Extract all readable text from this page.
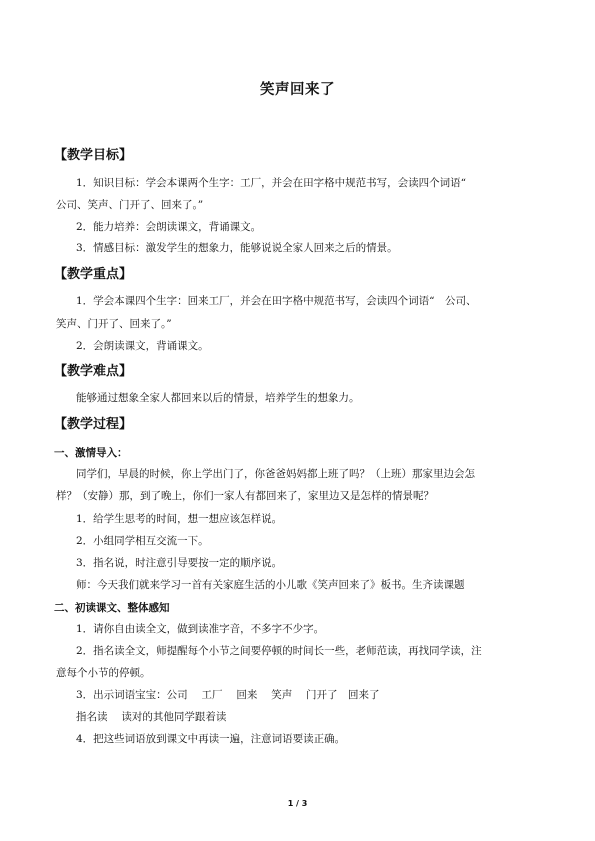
笑声回来了
【教学目标】
1．知识目标：学会本课两个生字：工厂，并会在田字格中规范书写，会读四个词语“
公司、笑声、门开了、回来了。”
2．能力培养：会朗读课文，背诵课文。
3．情感目标：激发学生的想象力，能够说说全家人回来之后的情景。
【教学重点】
1．学会本课四个生字：回来工厂，并会在田字格中规范书写，会读四个词语“　公司、
笑声、门开了、回来了。”
2．会朗读课文，背诵课文。
【教学难点】
能够通过想象全家人都回来以后的情景，培养学生的想象力。
【教学过程】
一、激情导入：
同学们，早晨的时候，你上学出门了，你爸爸妈妈都上班了吗？（上班）那家里边会怎
样？（安静）那，到了晚上，你们一家人有都回来了，家里边又是怎样的情景呢？
1．给学生思考的时间，想一想应该怎样说。
2．小组同学相互交流一下。
3．指名说，时注意引导要按一定的顺序说。
师：今天我们就来学习一首有关家庭生活的小儿歌《笑声回来了》板书。生齐读课题
二、初读课文、整体感知
1．请你自由读全文，做到读准字音，不多字不少字。
2．指名读全文，师提醒每个小节之间要停顿的时间长一些，老师范读，再找同学读，注
意每个小节的停顿。
3．出示词语宝宝：公司　 工厂　 回来　 笑声　 门开了　回来了
指名读　 读对的其他同学跟着读
4．把这些词语放到课文中再读一遍，注意词语要读正确。
1 / 3
